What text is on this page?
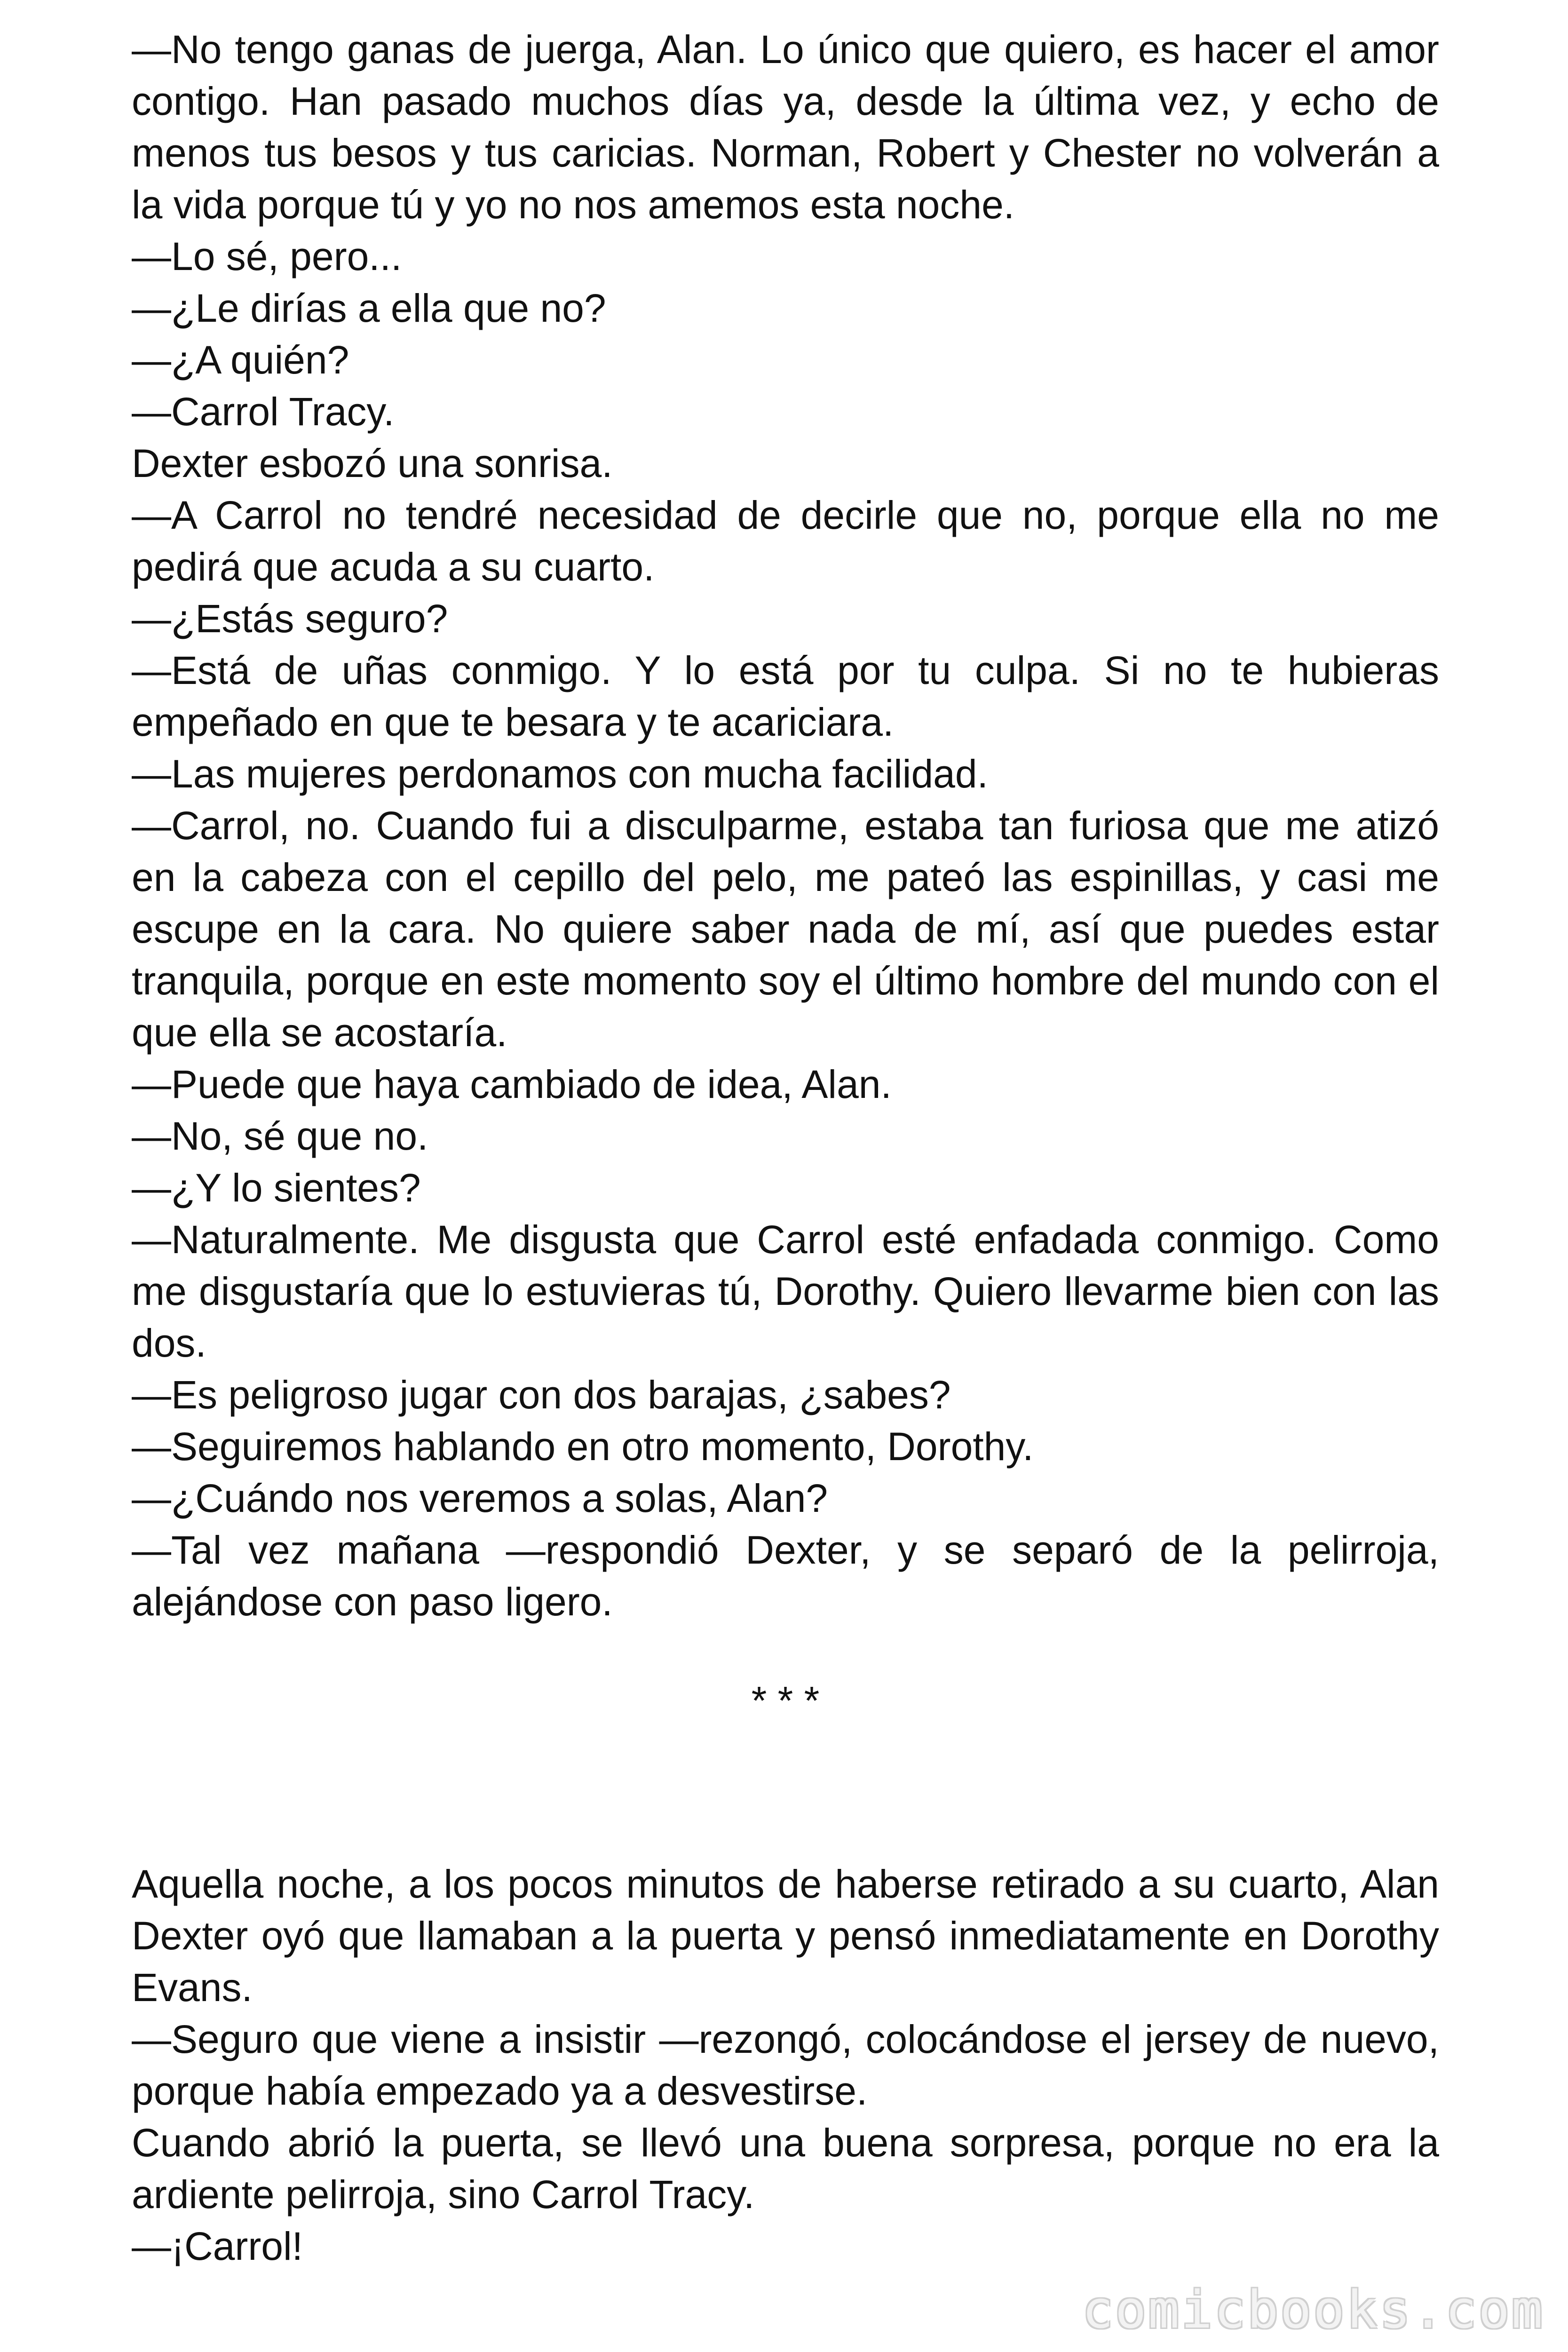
—No tengo ganas de juerga, Alan. Lo único que quiero, es hacer el amor contigo. Han pasado muchos días ya, desde la última vez, y echo de menos tus besos y tus caricias. Norman, Robert y Chester no volverán a la vida porque tú y yo no nos amemos esta noche.

—Lo sé, pero...

—¿Le dirías a ella que no?

—¿A quién?

—Carrol Tracy.

Dexter esbozó una sonrisa.

—A Carrol no tendré necesidad de decirle que no, porque ella no me pedirá que acuda a su cuarto.

—¿Estás seguro?

—Está de uñas conmigo. Y lo está por tu culpa. Si no te hubieras empeñado en que te besara y te acariciara.

—Las mujeres perdonamos con mucha facilidad.

—Carrol, no. Cuando fui a disculparme, estaba tan furiosa que me atizó en la cabeza con el cepillo del pelo, me pateó las espinillas, y casi me escupe en la cara. No quiere saber nada de mí, así que puedes estar tranquila, porque en este momento soy el último hombre del mundo con el que ella se acostaría.

—Puede que haya cambiado de idea, Alan.

—No, sé que no.

—¿Y lo sientes?

—Naturalmente. Me disgusta que Carrol esté enfadada conmigo. Como me disgustaría que lo estuvieras tú, Dorothy. Quiero llevarme bien con las dos.

—Es peligroso jugar con dos barajas, ¿sabes?

—Seguiremos hablando en otro momento, Dorothy.

—¿Cuándo nos veremos a solas, Alan?

—Tal vez mañana —respondió Dexter, y se separó de la pelirroja, alejándose con paso ligero.

* * *

Aquella noche, a los pocos minutos de haberse retirado a su cuarto, Alan Dexter oyó que llamaban a la puerta y pensó inmediatamente en Dorothy Evans.

—Seguro que viene a insistir —rezongó, colocándose el jersey de nuevo, porque había empezado ya a desvestirse.

Cuando abrió la puerta, se llevó una buena sorpresa, porque no era la ardiente pelirroja, sino Carrol Tracy.

—¡Carrol!

comicbooks.com
